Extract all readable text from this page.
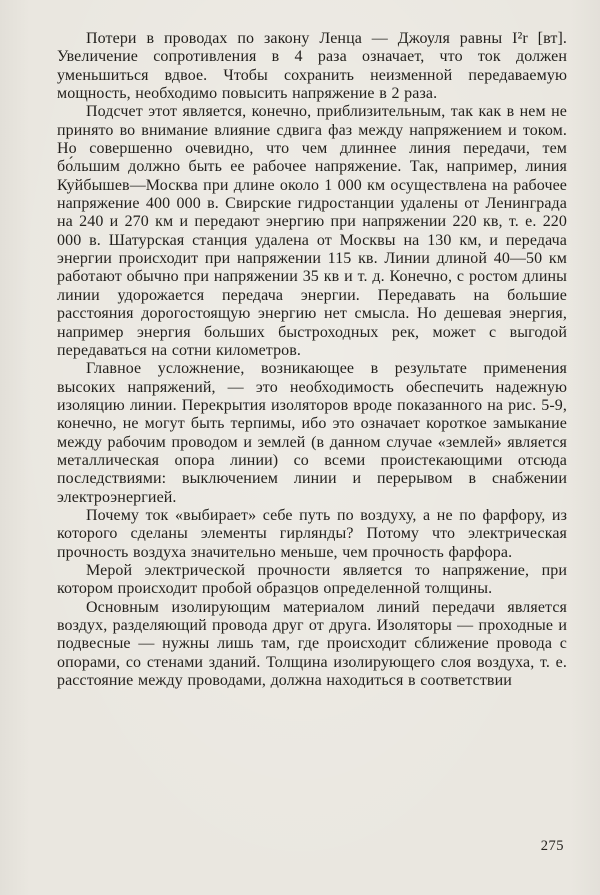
Потери в проводах по закону Ленца — Джоуля равны I²r [вт]. Увеличение сопротивления в 4 раза означает, что ток должен уменьшиться вдвое. Чтобы сохранить неизменной передаваемую мощность, необходимо повысить напряжение в 2 раза.

Подсчет этот является, конечно, приблизительным, так как в нем не принято во внимание влияние сдвига фаз между напряжением и током. Но совершенно очевидно, что чем длиннее линия передачи, тем бо́льшим должно быть ее рабочее напряжение. Так, например, линия Куйбышев—Москва при длине около 1 000 км осуществлена на рабочее напряжение 400 000 в. Свирские гидростанции удалены от Ленинграда на 240 и 270 км и передают энергию при напряжении 220 кв, т. е. 220 000 в. Шатурская станция удалена от Москвы на 130 км, и передача энергии происходит при напряжении 115 кв. Линии длиной 40—50 км работают обычно при напряжении 35 кв и т. д. Конечно, с ростом длины линии удорожается передача энергии. Передавать на большие расстояния дорогостоящую энергию нет смысла. Но дешевая энергия, например энергия больших быстроходных рек, может с выгодой передаваться на сотни километров.

Главное усложнение, возникающее в результате применения высоких напряжений, — это необходимость обеспечить надежную изоляцию линии. Перекрытия изоляторов вроде показанного на рис. 5-9, конечно, не могут быть терпимы, ибо это означает короткое замыкание между рабочим проводом и землей (в данном случае «землей» является металлическая опора линии) со всеми проистекающими отсюда последствиями: выключением линии и перерывом в снабжении электроэнергией.

Почему ток «выбирает» себе путь по воздуху, а не по фарфору, из которого сделаны элементы гирлянды? Потому что электрическая прочность воздуха значительно меньше, чем прочность фарфора.

Мерой электрической прочности является то напряжение, при котором происходит пробой образцов определенной толщины.

Основным изолирующим материалом линий передачи является воздух, разделяющий провода друг от друга. Изоляторы — проходные и подвесные — нужны лишь там, где происходит сближение провода с опорами, со стенами зданий. Толщина изолирующего слоя воздуха, т. е. расстояние между проводами, должна находиться в соответствии

275
